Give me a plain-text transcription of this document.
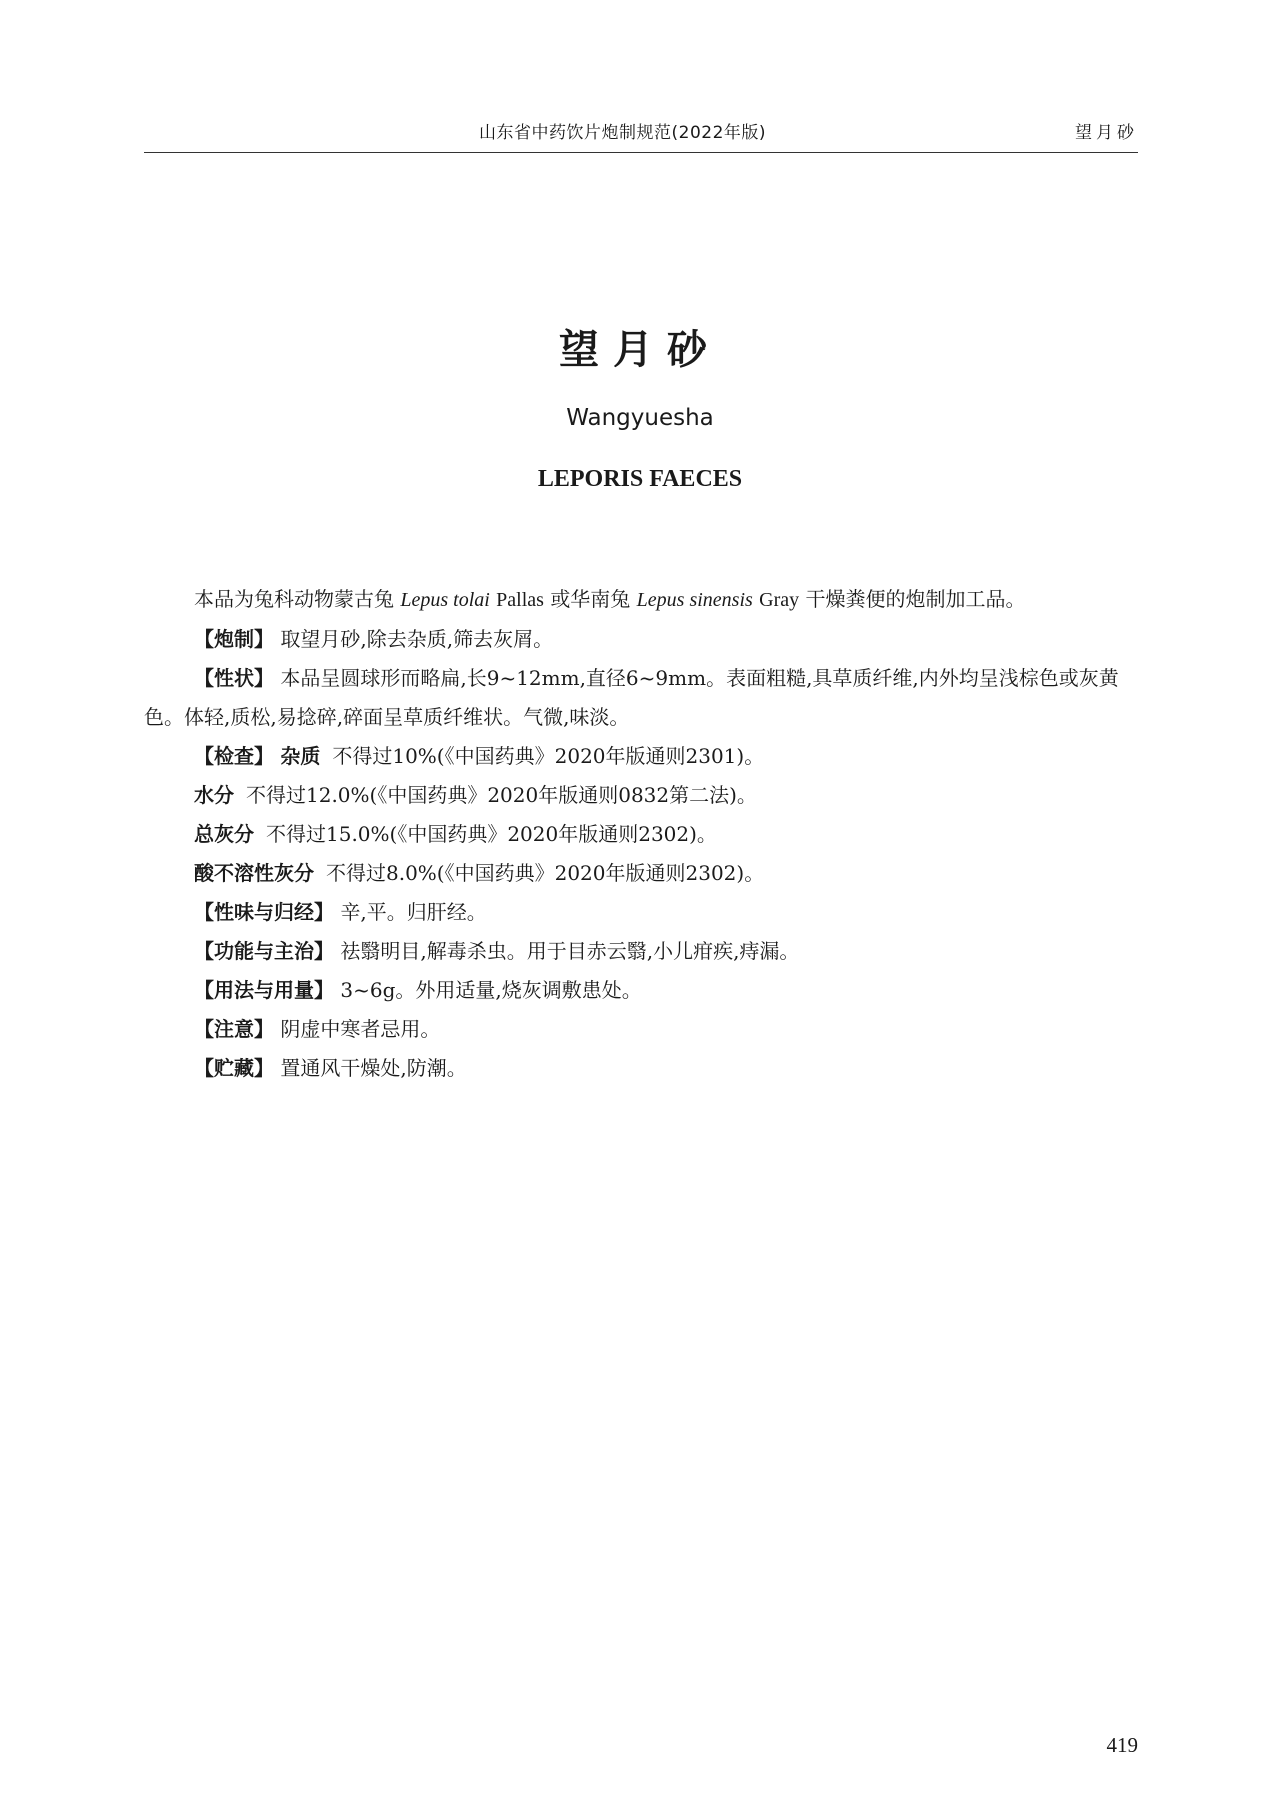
山东省中药饮片炮制规范(2022年版)	望月砂
望月砂
Wangyuesha
LEPORIS FAECES

本品为兔科动物蒙古兔 Lepus tolai Pallas 或华南兔 Lepus sinensis Gray 干燥粪便的炮制加工品。

【炮制】 取望月砂,除去杂质,筛去灰屑。

【性状】 本品呈圆球形而略扁,长9~12mm,直径6~9mm。表面粗糙,具草质纤维,内外均呈浅棕色或灰黄色。体轻,质松,易捻碎,碎面呈草质纤维状。气微,味淡。

【检查】 杂质 不得过10%(《中国药典》2020年版通则2301)。

水分 不得过12.0%(《中国药典》2020年版通则0832第二法)。

总灰分 不得过15.0%(《中国药典》2020年版通则2302)。

酸不溶性灰分 不得过8.0%(《中国药典》2020年版通则2302)。

【性味与归经】 辛,平。归肝经。

【功能与主治】 祛翳明目,解毒杀虫。用于目赤云翳,小儿疳疾,痔漏。

【用法与用量】 3~6g。外用适量,烧灰调敷患处。

【注意】 阴虚中寒者忌用。

【贮藏】 置通风干燥处,防潮。

419
